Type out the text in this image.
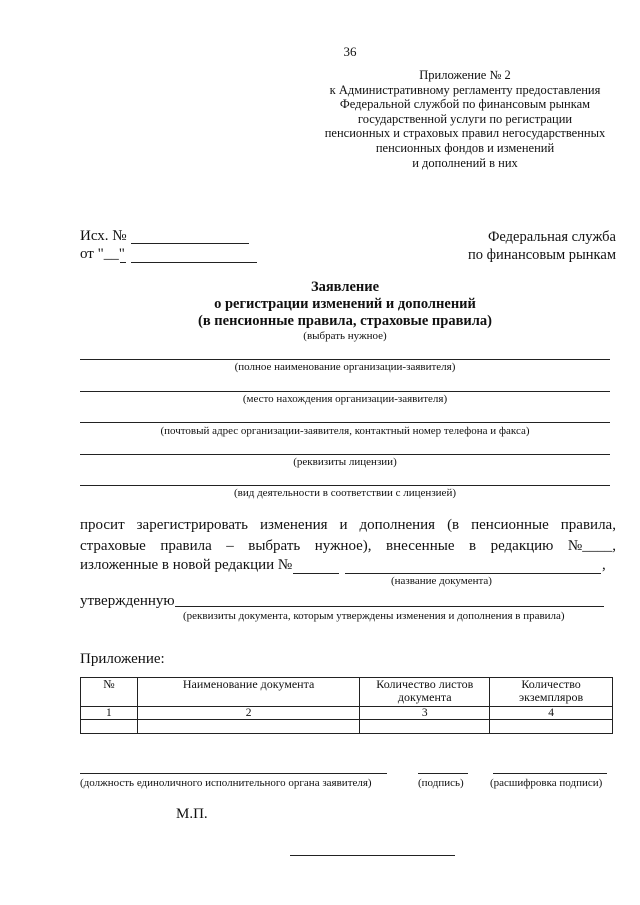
36
Приложение № 2
к Административному регламенту предоставления
Федеральной службой по финансовым рынкам
государственной услуги по регистрации
пенсионных и страховых правил негосударственных
пенсионных фондов и изменений
и дополнений в них
Исх. №
от "__"
Федеральная служба
по финансовым рынкам
Заявление
о регистрации изменений и дополнений
(в пенсионные правила, страховые правила)
(выбрать нужное)
(полное наименование организации-заявителя)
(место нахождения организации-заявителя)
(почтовый адрес организации-заявителя, контактный номер телефона и факса)
(реквизиты лицензии)
(вид деятельности в соответствии с лицензией)
просит зарегистрировать изменения и дополнения (в пенсионные правила,
страховые правила – выбрать нужное), внесенные в редакцию №____,
изложенные в новой редакции №	,
(название документа)
утвержденную
(реквизиты документа, которым утверждены изменения и дополнения в правила)
Приложение:
№	Наименование документа	Количество листов документа	Количество экземпляров
1	2	3	4

(должность единоличного исполнительного органа заявителя)	(подпись) (расшифровка подписи)
М.П.
